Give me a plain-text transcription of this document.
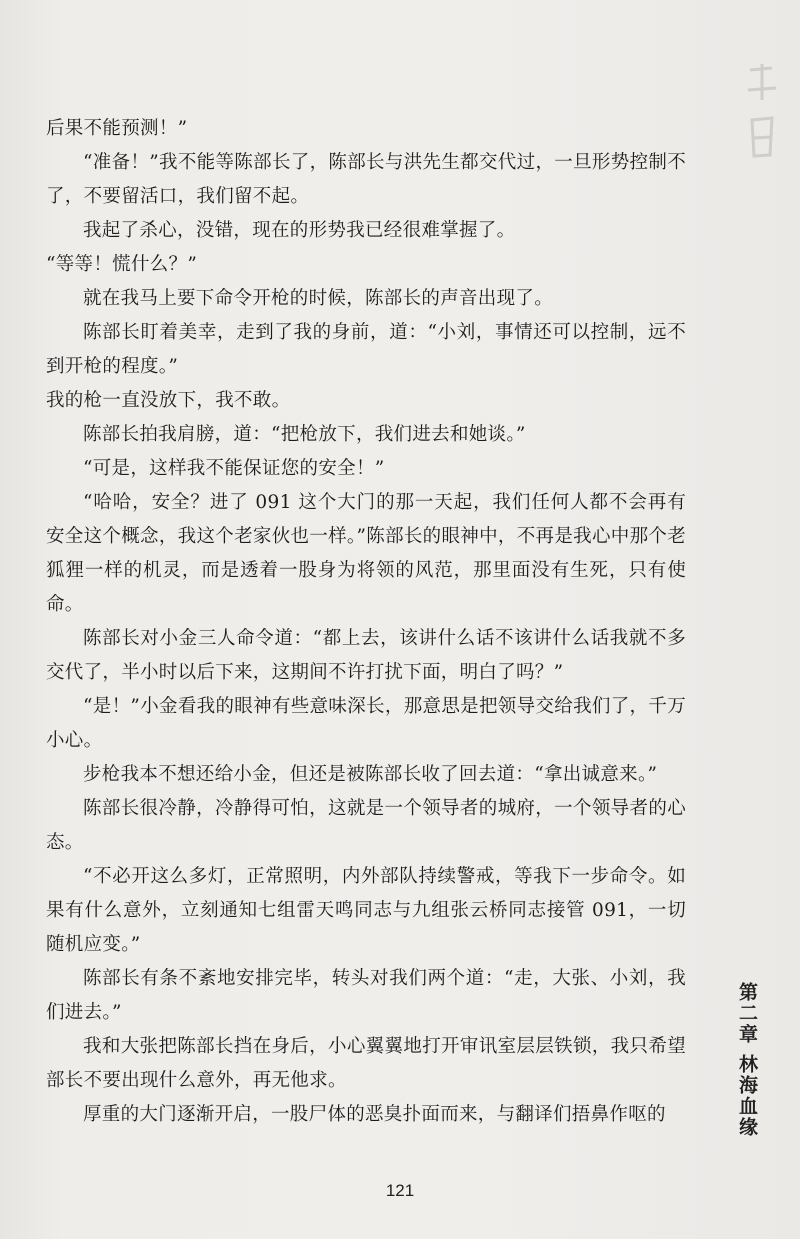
后果不能预测！”

“准备！”我不能等陈部长了，陈部长与洪先生都交代过，一旦形势控制不了，不要留活口，我们留不起。

我起了杀心，没错，现在的形势我已经很难掌握了。

“等等！慌什么？”

就在我马上要下命令开枪的时候，陈部长的声音出现了。

陈部长盯着美幸，走到了我的身前，道：“小刘，事情还可以控制，远不到开枪的程度。”

我的枪一直没放下，我不敢。

陈部长拍我肩膀，道：“把枪放下，我们进去和她谈。”

“可是，这样我不能保证您的安全！”

“哈哈，安全？进了 091 这个大门的那一天起，我们任何人都不会再有安全这个概念，我这个老家伙也一样。”陈部长的眼神中，不再是我心中那个老狐狸一样的机灵，而是透着一股身为将领的风范，那里面没有生死，只有使命。

陈部长对小金三人命令道：“都上去，该讲什么话不该讲什么话我就不多交代了，半小时以后下来，这期间不许打扰下面，明白了吗？”

“是！”小金看我的眼神有些意味深长，那意思是把领导交给我们了，千万小心。

步枪我本不想还给小金，但还是被陈部长收了回去道：“拿出诚意来。”

陈部长很冷静，冷静得可怕，这就是一个领导者的城府，一个领导者的心态。

“不必开这么多灯，正常照明，内外部队持续警戒，等我下一步命令。如果有什么意外，立刻通知七组雷天鸣同志与九组张云桥同志接管 091，一切随机应变。”

陈部长有条不紊地安排完毕，转头对我们两个道：“走，大张、小刘，我们进去。”

我和大张把陈部长挡在身后，小心翼翼地打开审讯室层层铁锁，我只希望部长不要出现什么意外，再无他求。

厚重的大门逐渐开启，一股尸体的恶臭扑面而来，与翻译们捂鼻作呕的	第二章 林海血缘
121
